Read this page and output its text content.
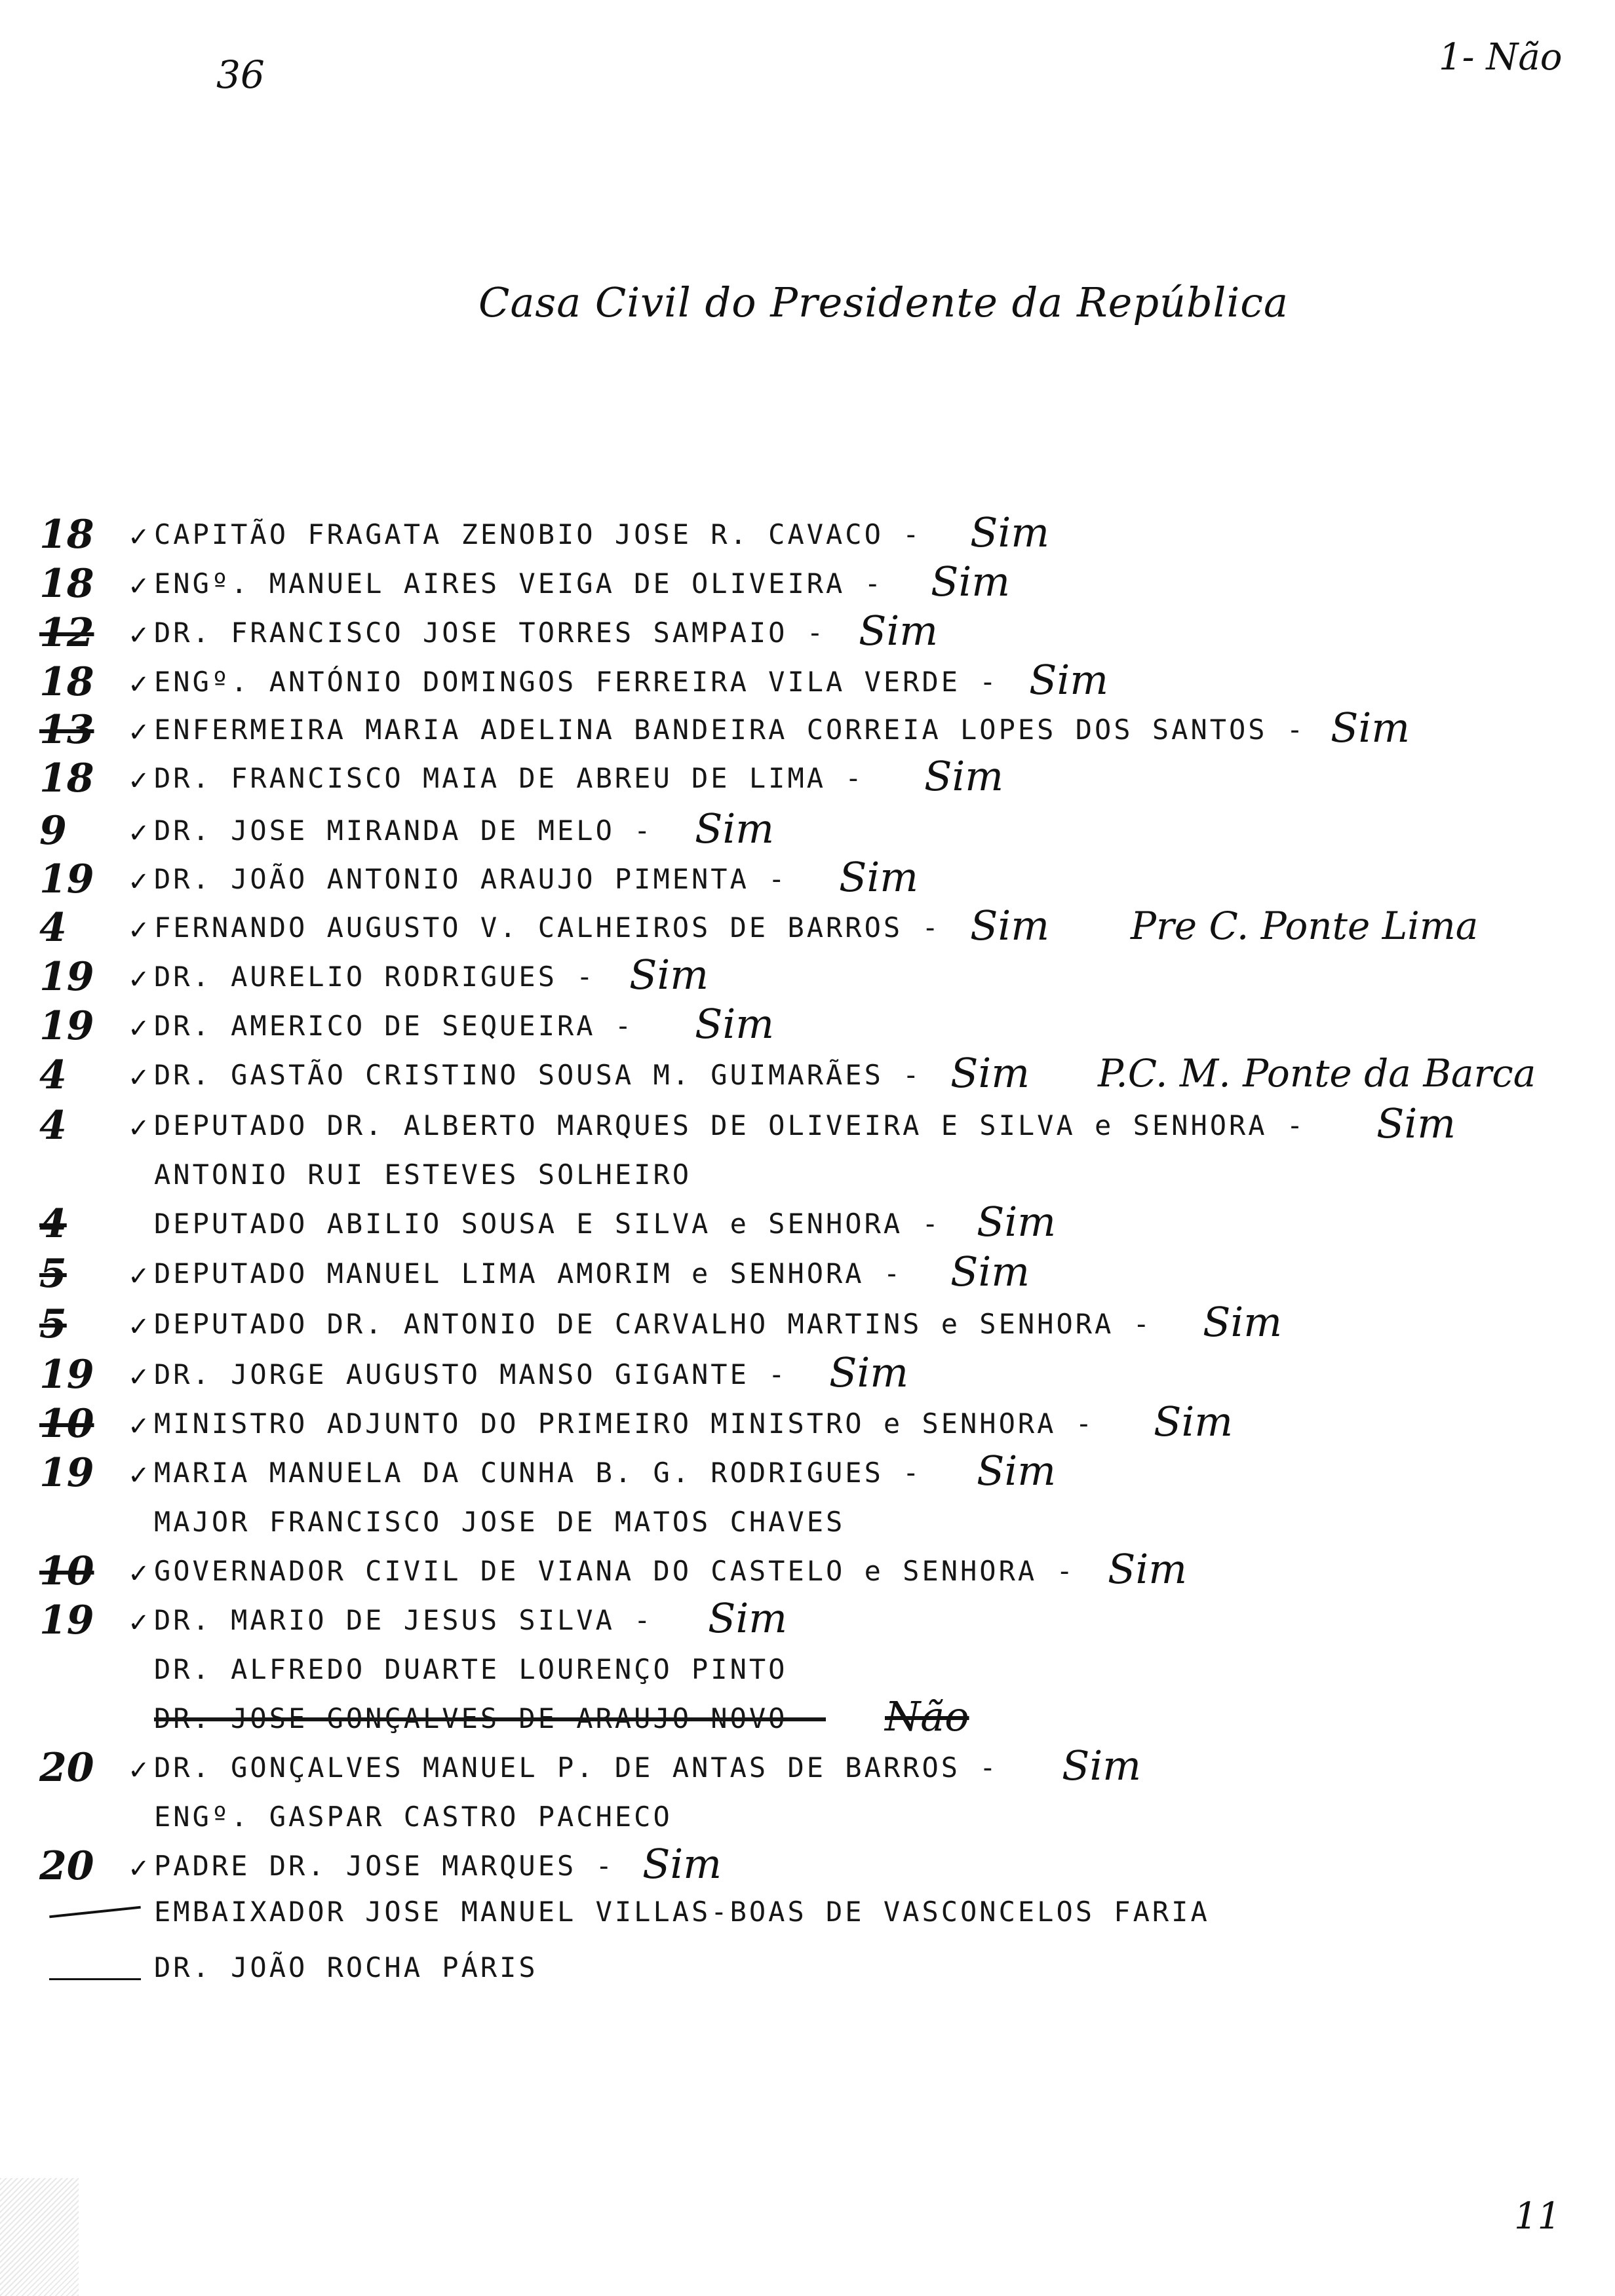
36	1- Não
Casa Civil do Presidente da República
18	✓ CAPITÃO FRAGATA ZENOBIO JOSE R. CAVACO - Sim
18	✓ ENGº. MANUEL AIRES VEIGA DE OLIVEIRA - Sim
12	✓ DR. FRANCISCO JOSE TORRES SAMPAIO - Sim
18	✓ ENGº. ANTÓNIO DOMINGOS FERREIRA VILA VERDE - Sim
13	✓ ENFERMEIRA MARIA ADELINA BANDEIRA CORREIA LOPES DOS SANTOS - Sim
18	✓ DR. FRANCISCO MAIA DE ABREU DE LIMA - Sim
9	✓ DR. JOSE MIRANDA DE MELO - Sim
19	✓ DR. JOÃO ANTONIO ARAUJO PIMENTA - Sim
4	✓ FERNANDO AUGUSTO V. CALHEIROS DE BARROS - Sim Pre C. Ponte Lima
19	✓ DR. AURELIO RODRIGUES - Sim
19	✓ DR. AMERICO DE SEQUEIRA - Sim
4	✓ DR. GASTÃO CRISTINO SOUSA M. GUIMARÃES - Sim P.C. M. Ponte da Barca
4	✓ DEPUTADO DR. ALBERTO MARQUES DE OLIVEIRA E SILVA e SENHORA - Sim
ANTONIO RUI ESTEVES SOLHEIRO
4	DEPUTADO ABILIO SOUSA E SILVA e SENHORA - Sim
5	✓ DEPUTADO MANUEL LIMA AMORIM e SENHORA - Sim
5	✓ DEPUTADO DR. ANTONIO DE CARVALHO MARTINS e SENHORA - Sim
19	✓ DR. JORGE AUGUSTO MANSO GIGANTE - Sim
10	✓ MINISTRO ADJUNTO DO PRIMEIRO MINISTRO e SENHORA - Sim
19	✓ MARIA MANUELA DA CUNHA B. G. RODRIGUES - Sim
MAJOR FRANCISCO JOSE DE MATOS CHAVES
10	✓ GOVERNADOR CIVIL DE VIANA DO CASTELO e SENHORA - Sim
19	✓ DR. MARIO DE JESUS SILVA - Sim
DR. ALFREDO DUARTE LOURENÇO PINTO
DR. JOSE GONÇALVES DE ARAUJO NOVO - Não
20	✓ DR. GONÇALVES MANUEL P. DE ANTAS DE BARROS - Sim
ENGº. GASPAR CASTRO PACHECO
20	✓ PADRE DR. JOSE MARQUES - Sim
EMBAIXADOR JOSE MANUEL VILLAS-BOAS DE VASCONCELOS FARIA
DR. JOÃO ROCHA PÁRIS
11
